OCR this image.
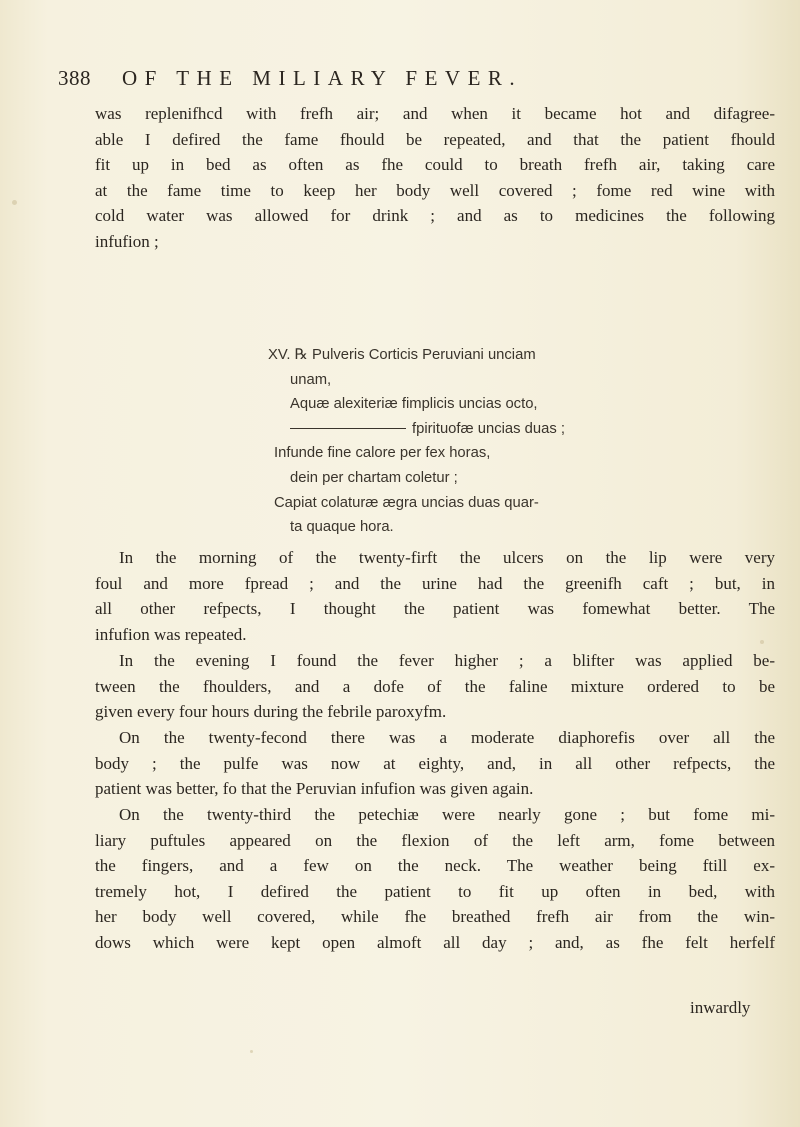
388 OF THE MILIARY FEVER.
was replenifhcd with frefh air; and when it became hot and difagree-
able I defired the fame fhould be repeated, and that the patient fhould
fit up in bed as often as fhe could to breath frefh air, taking care
at the fame time to keep her body well covered ; fome red wine with
cold water was allowed for drink ; and as to medicines the following
infufion ;
XV. ℞ Pulveris Corticis Peruviani unciam
unam,
Aquæ alexiteriæ fimplicis uncias octo,
fpirituofæ uncias duas ;
Infunde fine calore per fex horas,
dein per chartam coletur ;
Capiat colaturæ ægra uncias duas quar-
ta quaque hora.
In the morning of the twenty-firft the ulcers on the lip were very
foul and more fpread ; and the urine had the greenifh caft ; but, in
all other refpects, I thought the patient was fomewhat better. The
infufion was repeated.
In the evening I found the fever higher ; a blifter was applied be-
tween the fhoulders, and a dofe of the faline mixture ordered to be
given every four hours during the febrile paroxyfm.
On the twenty-fecond there was a moderate diaphorefis over all the
body ; the pulfe was now at eighty, and, in all other refpects, the
patient was better, fo that the Peruvian infufion was given again.
On the twenty-third the petechiæ were nearly gone ; but fome mi-
liary puftules appeared on the flexion of the left arm, fome between
the fingers, and a few on the neck. The weather being ftill ex-
tremely hot, I defired the patient to fit up often in bed, with
her body well covered, while fhe breathed frefh air from the win-
dows which were kept open almoft all day ; and, as fhe felt herfelf
inwardly
